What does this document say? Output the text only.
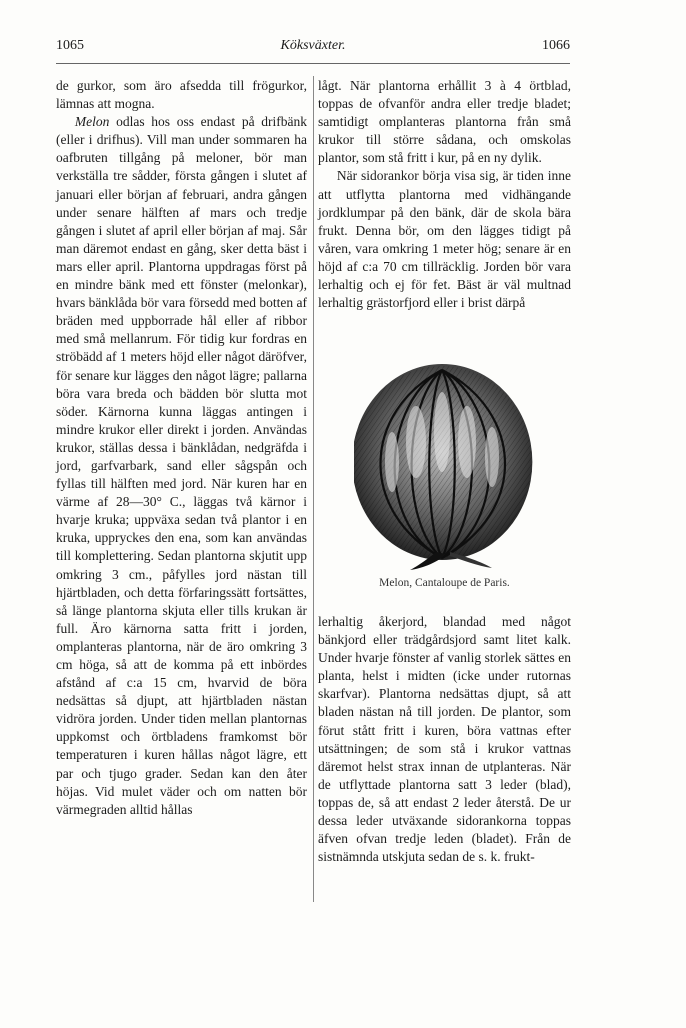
1065	Köksväxter.	1066

de gurkor, som äro afsedda till frögurkor, lämnas att mogna.

Melon odlas hos oss endast på drifbänk (eller i drifhus). Vill man under sommaren ha oafbruten tillgång på meloner, bör man verkställa tre sådder, första gången i slutet af januari eller början af februari, andra gången under senare hälften af mars och tredje gången i slutet af april eller början af maj. Sår man däremot endast en gång, sker detta bäst i mars eller april. Plantorna uppdragas först på en mindre bänk med ett fönster (melonkar), hvars bänklåda bör vara försedd med botten af bräden med uppborrade hål eller af ribbor med små mellanrum. För tidig kur fordras en ströbädd af 1 meters höjd eller något däröfver, för senare kur lägges den något lägre; pallarna böra vara breda och bädden bör slutta mot söder. Kärnorna kunna läggas antingen i mindre krukor eller direkt i jorden. Användas krukor, ställas dessa i bänklådan, nedgräfda i jord, garfvarbark, sand eller sågspån och fyllas till hälften med jord. När kuren har en värme af 28—30° C., läggas två kärnor i hvarje kruka; uppväxa sedan två plantor i en kruka, uppryckes den ena, som kan användas till komplettering. Sedan plantorna skjutit upp omkring 3 cm., påfylles jord nästan till hjärtbladen, och detta förfaringssätt fortsättes, så länge plantorna skjuta eller tills krukan är full. Äro kärnorna satta fritt i jorden, omplanteras plantorna, när de äro omkring 3 cm höga, så att de komma på ett inbördes afstånd af c:a 15 cm, hvarvid de böra nedsättas så djupt, att hjärtbladen nästan vidröra jorden. Under tiden mellan plantornas uppkomst och örtbladens framkomst bör temperaturen i kuren hållas något lägre, ett par och tjugo grader. Sedan kan den åter höjas. Vid mulet väder och om natten bör värmegraden alltid hållas

lågt. När plantorna erhållit 3 à 4 örtblad, toppas de ofvanför andra eller tredje bladet; samtidigt omplanteras plantorna från små krukor till större sådana, och omskolas plantor, som stå fritt i kur, på en ny dylik.

När sidorankor börja visa sig, är tiden inne att utflytta plantorna med vidhängande jordklumpar på den bänk, där de skola bära frukt. Denna bör, om den lägges tidigt på våren, vara omkring 1 meter hög; senare är en höjd af c:a 70 cm tillräcklig. Jorden bör vara lerhaltig och ej för fet. Bäst är väl multnad lerhaltig grästorfjord eller i brist därpå

Melon, Cantaloupe de Paris.

lerhaltig åkerjord, blandad med något bänkjord eller trädgårdsjord samt litet kalk. Under hvarje fönster af vanlig storlek sättes en planta, helst i midten (icke under rutornas skarfvar). Plantorna nedsättas djupt, så att bladen nästan nå till jorden. De plantor, som förut stått fritt i kuren, böra vattnas efter utsättningen; de som stå i krukor vattnas däremot helst strax innan de utplanteras. När de utflyttade plantorna satt 3 leder (blad), toppas de, så att endast 2 leder återstå. De ur dessa leder utväxande sidorankorna toppas äfven ofvan tredje leden (bladet). Från de sistnämnda utskjuta sedan de s. k. frukt-
